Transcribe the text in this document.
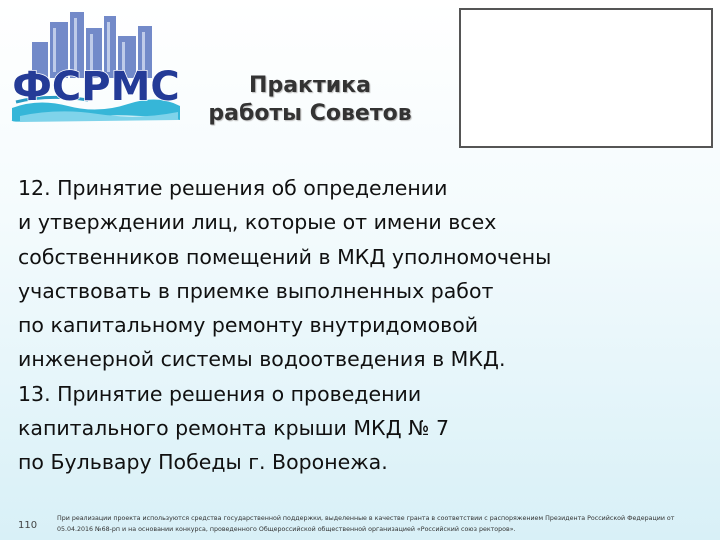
ФСРМС	Практика
работы Советов
12. Принятие решения об определении
и утверждении лиц, которые от имени всех
собственников помещений в МКД уполномочены
участвовать в приемке выполненных работ
по капитальному ремонту внутридомовой
инженерной системы водоотведения в МКД.
13. Принятие решения о проведении
капитального ремонта крыши МКД № 7
по Бульвару Победы г. Воронежа.
110
При реализации проекта используются средства государственной поддержки, выделенные в качестве гранта в соответствии с распоряжением Президента Российской Федерации от
05.04.2016 №68-рп и на основании конкурса, проведенного Общероссийской общественной организацией «Российский союз ректоров».
